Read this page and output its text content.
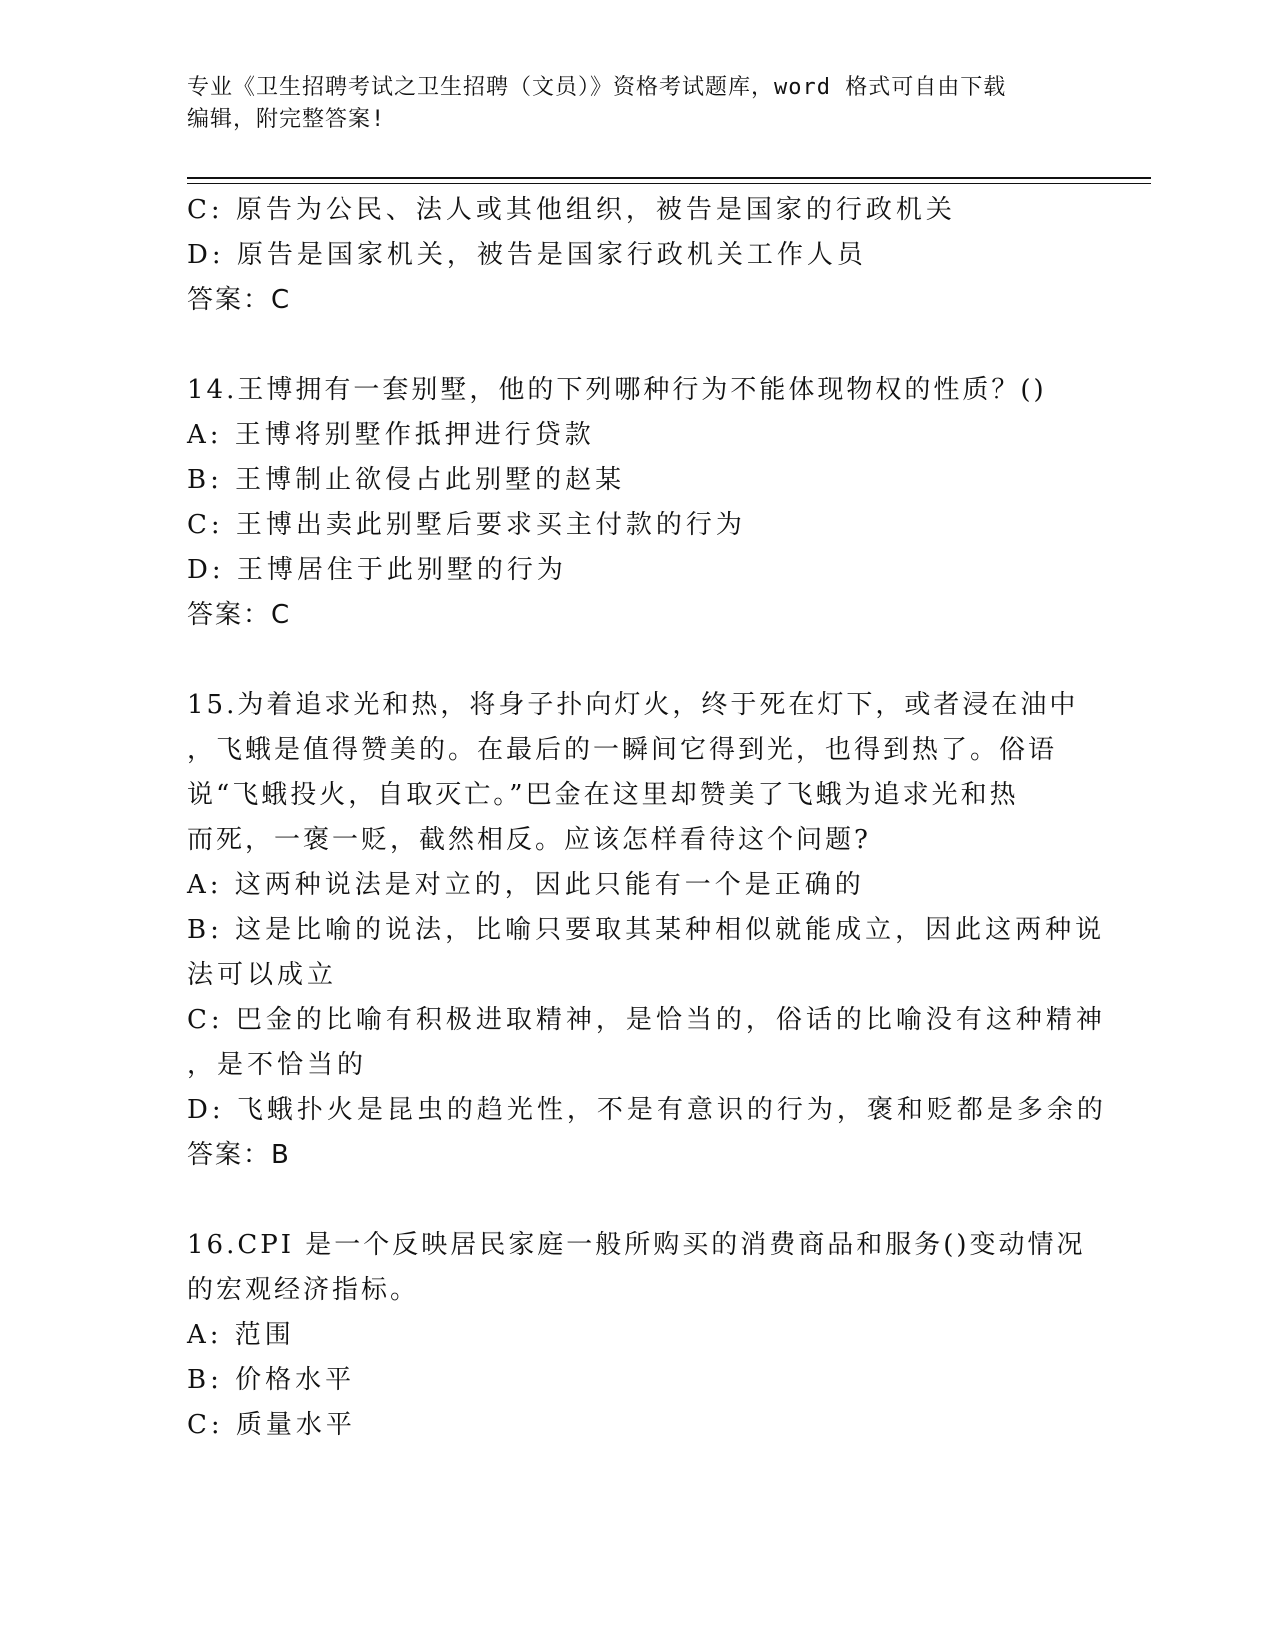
专业《卫生招聘考试之卫生招聘（文员）》资格考试题库，word 格式可自由下载
编辑，附完整答案!
C: 原告为公民、法人或其他组织，被告是国家的行政机关
D: 原告是国家机关，被告是国家行政机关工作人员
答案：C
14.王博拥有一套别墅，他的下列哪种行为不能体现物权的性质？()
A: 王博将别墅作抵押进行贷款
B: 王博制止欲侵占此别墅的赵某
C: 王博出卖此别墅后要求买主付款的行为
D: 王博居住于此别墅的行为
答案：C
15.为着追求光和热，将身子扑向灯火，终于死在灯下，或者浸在油中
，飞蛾是值得赞美的。在最后的一瞬间它得到光，也得到热了。俗语
说“飞蛾投火，自取灭亡。”巴金在这里却赞美了飞蛾为追求光和热
而死，一褒一贬，截然相反。应该怎样看待这个问题?
A: 这两种说法是对立的，因此只能有一个是正确的
B: 这是比喻的说法，比喻只要取其某种相似就能成立，因此这两种说
法可以成立
C: 巴金的比喻有积极进取精神，是恰当的，俗话的比喻没有这种精神
，是不恰当的
D: 飞蛾扑火是昆虫的趋光性，不是有意识的行为，褒和贬都是多余的
答案：B
16.CPI 是一个反映居民家庭一般所购买的消费商品和服务()变动情况
的宏观经济指标。
A: 范围
B: 价格水平
C: 质量水平
